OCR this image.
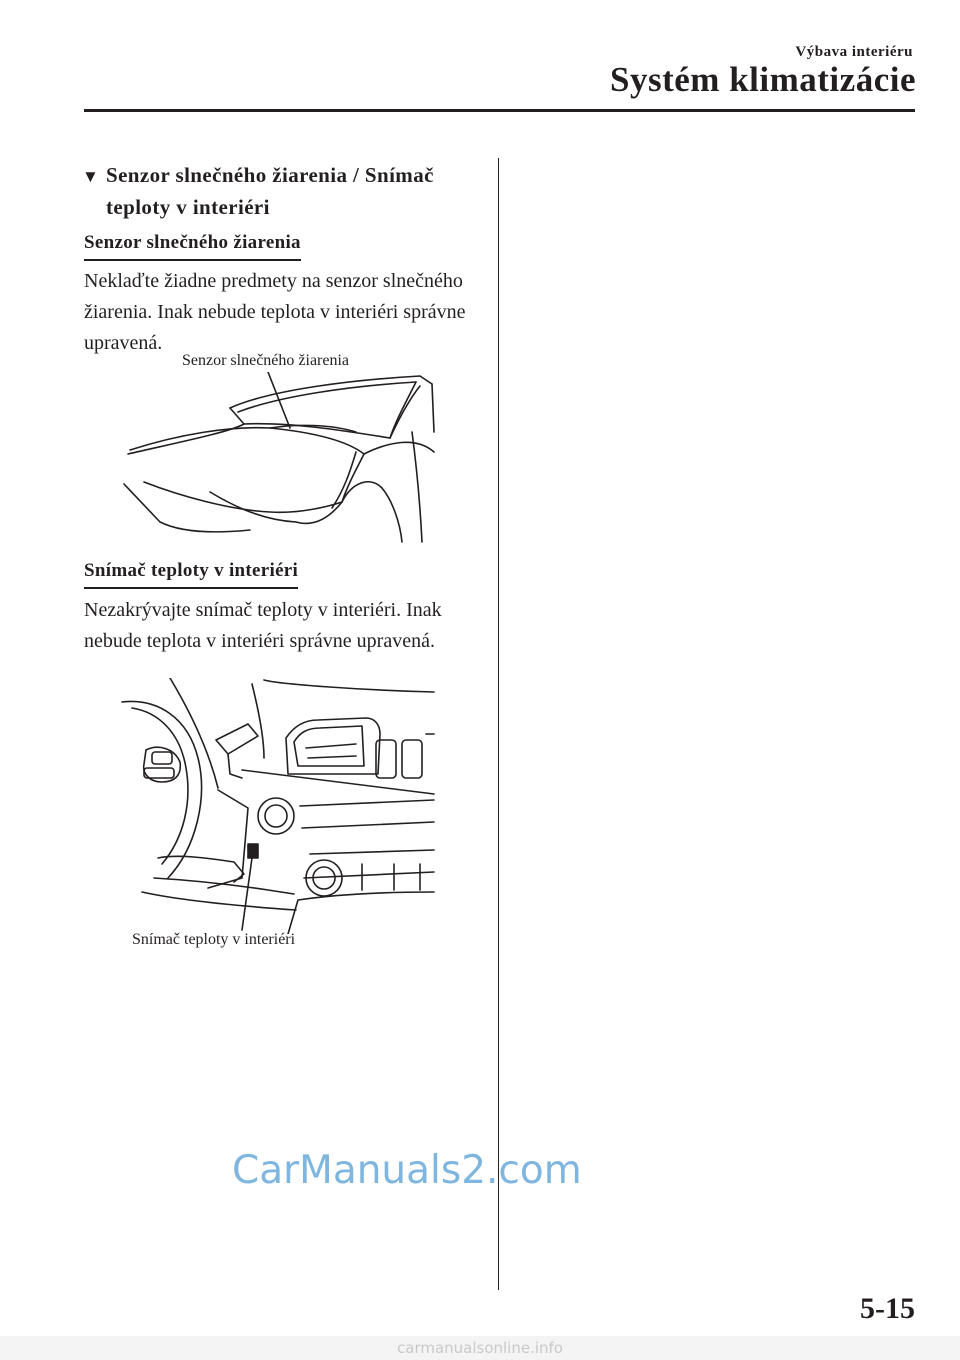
Výbava interiéru
Systém klimatizácie
▼ Senzor slnečného žiarenia / Snímač
teploty v interiéri
Senzor slnečného žiarenia
Neklaďte žiadne predmety na senzor slnečného žiarenia. Inak nebude teplota v interiéri správne upravená.
Senzor slnečného žiarenia
Snímač teploty v interiéri
Nezakrývajte snímač teploty v interiéri. Inak nebude teplota v interiéri správne upravená.
Snímač teploty v interiéri
CarManuals2.com
5-15
carmanualsonline.info
